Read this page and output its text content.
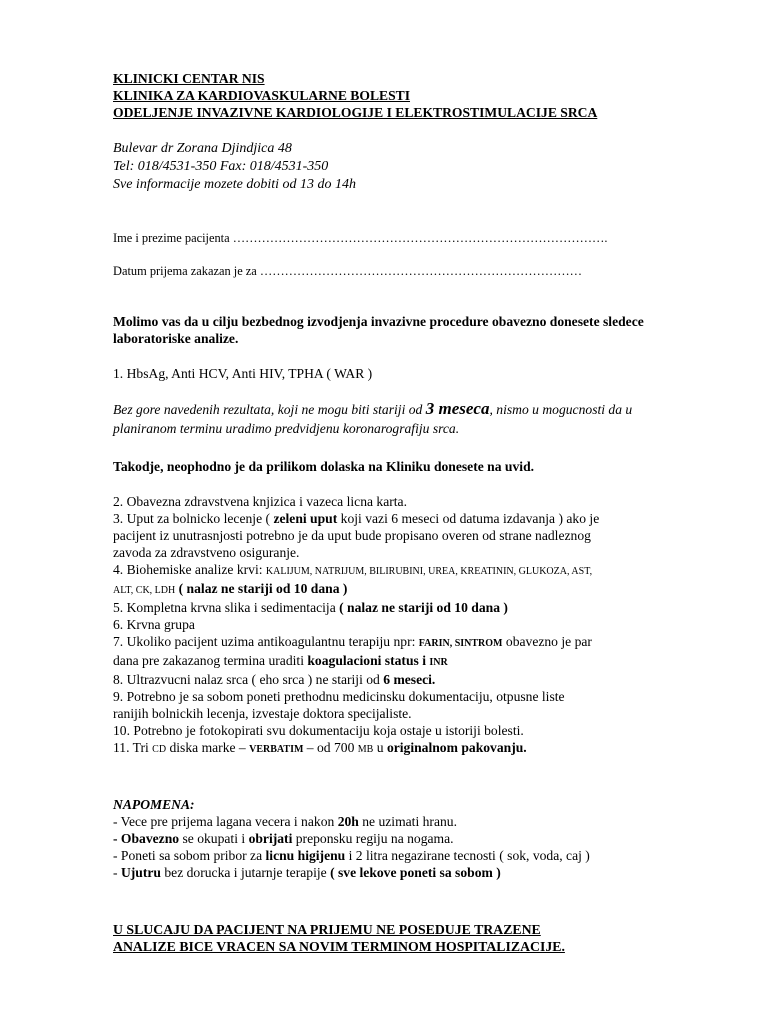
KLINICKI CENTAR NIS
KLINIKA ZA KARDIOVASKULARNE BOLESTI
ODELJENJE INVAZIVNE KARDIOLOGIJE I ELEKTROSTIMULACIJE SRCA
Bulevar dr Zorana Djindjica 48
Tel: 018/4531-350 Fax: 018/4531-350
Sve informacije mozete dobiti od 13 do 14h
Ime i prezime pacijenta ……………………………………………………………………………….
Datum prijema zakazan je za ……………………………………………………………………
Molimo vas da u cilju bezbednog izvodjenja invazivne procedure obavezno donesete sledece laboratoriske analize.
1. HbsAg, Anti HCV, Anti HIV, TPHA ( WAR )
Bez gore navedenih rezultata, koji ne mogu biti stariji od 3 meseca, nismo u mogucnosti da u planiranom terminu uradimo predvidjenu koronarografiju srca.
Takodje, neophodno je da prilikom dolaska na Kliniku donesete na uvid.
2. Obavezna zdravstvena knjizica i vazeca licna karta.
3. Uput za bolnicko lecenje ( zeleni uput koji vazi 6 meseci od datuma izdavanja ) ako je
pacijent iz unutrasnjosti potrebno je da uput bude propisano overen od strane nadleznog
zavoda za zdravstveno osiguranje.
4. Biohemiske analize krvi: KALIJUM, NATRIJUM, BILIRUBINI, UREA, KREATININ, GLUKOZA, AST,
ALT, CK, LDH ( nalaz ne stariji od 10 dana )
5. Kompletna krvna slika i sedimentacija ( nalaz ne stariji od 10 dana )
6. Krvna grupa
7. Ukoliko pacijent uzima antikoagulantnu terapiju npr: FARIN, SINTROM obavezno je par
dana pre zakazanog termina uraditi koagulacioni status i INR
8. Ultrazvucni nalaz srca ( eho srca ) ne stariji od 6 meseci.
9. Potrebno je sa sobom poneti prethodnu medicinsku dokumentaciju, otpusne liste
ranijih bolnickih lecenja, izvestaje doktora specijaliste.
10. Potrebno je fotokopirati svu dokumentaciju koja ostaje u istoriji bolesti.
11. Tri CD diska marke – VERBATIM – od 700 MB u originalnom pakovanju.
NAPOMENA:
- Vece pre prijema lagana vecera i nakon 20h ne uzimati hranu.
- Obavezno se okupati i obrijati preponsku regiju na nogama.
- Poneti sa sobom pribor za licnu higijenu i 2 litra negazirane tecnosti ( sok, voda, caj )
- Ujutru bez dorucka i jutarnje terapije ( sve lekove poneti sa sobom )
U SLUCAJU DA PACIJENT NA PRIJEMU NE POSEDUJE TRAZENE
ANALIZE BICE VRACEN SA NOVIM TERMINOM HOSPITALIZACIJE.
